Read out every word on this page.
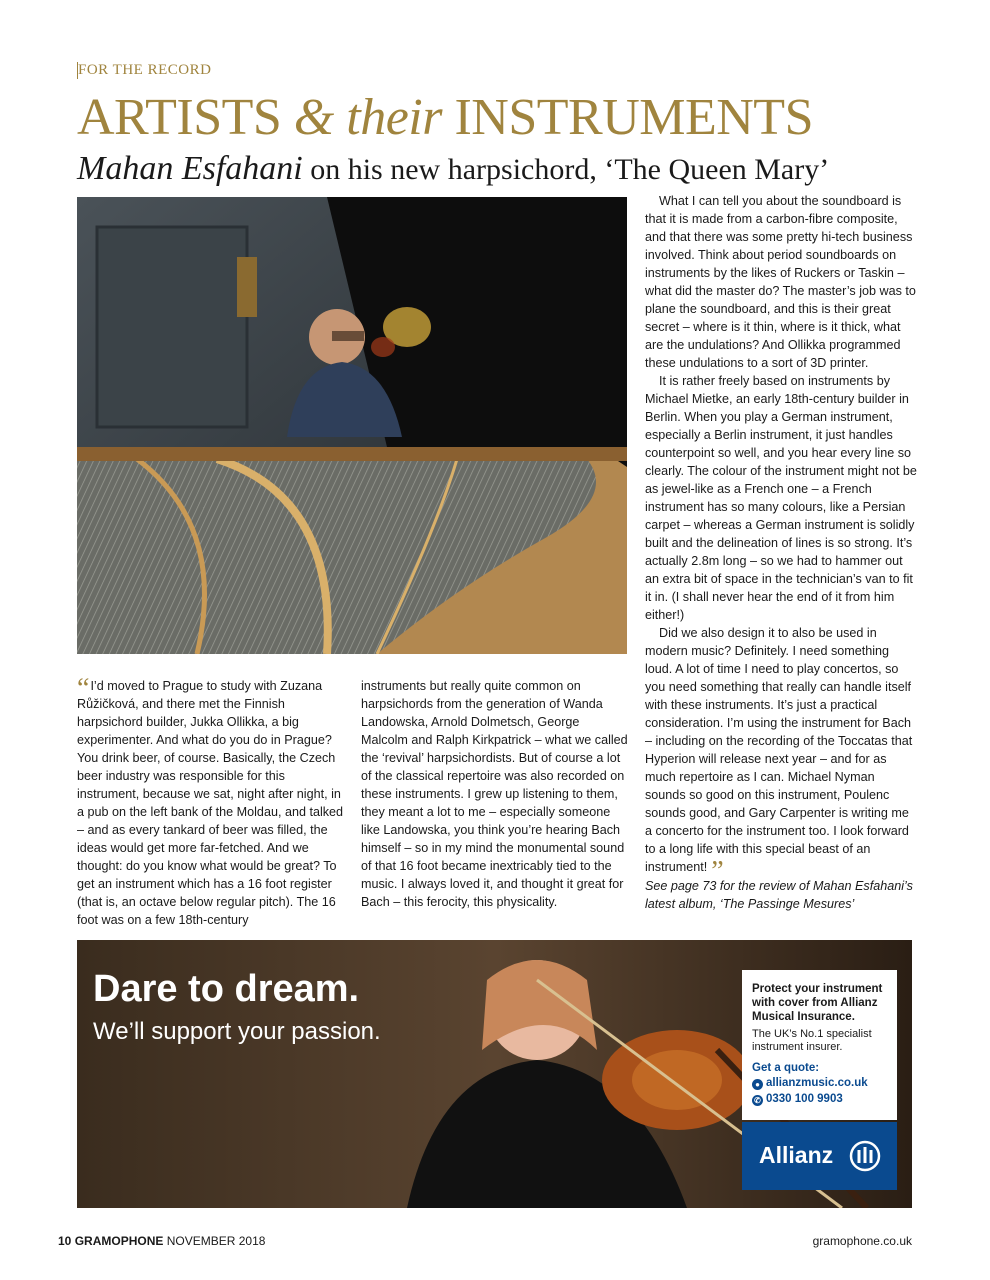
FOR THE RECORD
ARTISTS & their INSTRUMENTS
Mahan Esfahani on his new harpsichord, ‘The Queen Mary’

“I’d moved to Prague to study with Zuzana Růžičková, and there met the Finnish harpsichord builder, Jukka Ollikka, a big experimenter. And what do you do in Prague? You drink beer, of course. Basically, the Czech beer industry was responsible for this instrument, because we sat, night after night, in a pub on the left bank of the Moldau, and talked – and as every tankard of beer was filled, the ideas would get more far-fetched. And we thought: do you know what would be great? To get an instrument which has a 16 foot register (that is, an octave below regular pitch). The 16 foot was on a few 18th-century

instruments but really quite common on harpsichords from the generation of Wanda Landowska, Arnold Dolmetsch, George Malcolm and Ralph Kirkpatrick – what we called the ‘revival’ harpsichordists. But of course a lot of the classical repertoire was also recorded on these instruments. I grew up listening to them, they meant a lot to me – especially someone like Landowska, you think you’re hearing Bach himself – so in my mind the monumental sound of that 16 foot became inextricably tied to the music. I always loved it, and thought it great for Bach – this ferocity, this physicality.

What I can tell you about the soundboard is that it is made from a carbon-fibre composite, and that there was some pretty hi-tech business involved. Think about period soundboards on instruments by the likes of Ruckers or Taskin – what did the master do? The master’s job was to plane the soundboard, and this is their great secret – where is it thin, where is it thick, what are the undulations? And Ollikka programmed these undulations to a sort of 3D printer.

It is rather freely based on instruments by Michael Mietke, an early 18th-century builder in Berlin. When you play a German instrument, especially a Berlin instrument, it just handles counterpoint so well, and you hear every line so clearly. The colour of the instrument might not be as jewel-like as a French one – a French instrument has so many colours, like a Persian carpet – whereas a German instrument is solidly built and the delineation of lines is so strong. It’s actually 2.8m long – so we had to hammer out an extra bit of space in the technician’s van to fit it in. (I shall never hear the end of it from him either!)

Did we also design it to also be used in modern music? Definitely. I need something loud. A lot of time I need to play concertos, so you need something that really can handle itself with these instruments. It’s just a practical consideration. I’m using the instrument for Bach – including on the recording of the Toccatas that Hyperion will release next year – and for as much repertoire as I can. Michael Nyman sounds so good on this instrument, Poulenc sounds good, and Gary Carpenter is writing me a concerto for the instrument too. I look forward to a long life with this special beast of an instrument! ”

See page 73 for the review of Mahan Esfahani’s latest album, ‘The Passinge Mesures’

Dare to dream.
We’ll support your passion.
Protect your instrument with cover from Allianz Musical Insurance.
The UK’s No.1 specialist instrument insurer.
Get a quote:
● allianzmusic.co.uk
✆ 0330 100 9903
Allianz
10 GRAMOPHONE NOVEMBER 2018	gramophone.co.uk
